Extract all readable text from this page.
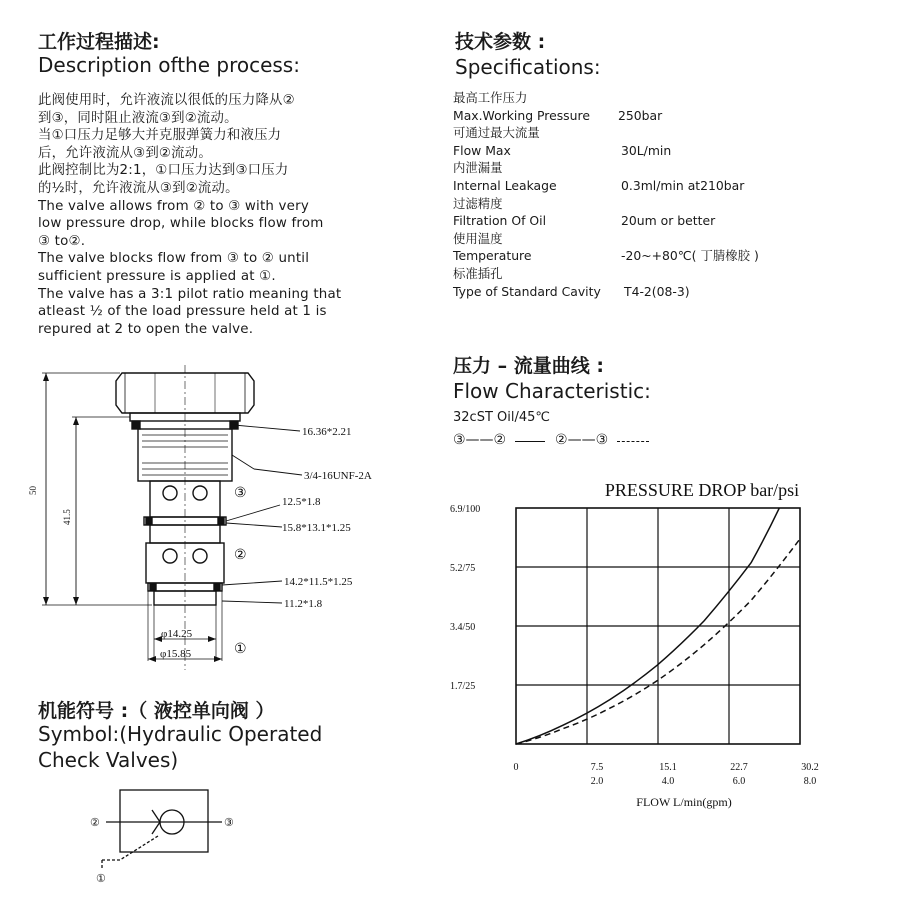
工作过程描述:
Description ofthe process:
此阀使用时，允许液流以很低的压力降从②
到③，同时阻止液流③到②流动。
当①口压力足够大并克服弹簧力和液压力
后，允许液流从③到②流动。
此阀控制比为2:1，①口压力达到③口压力
的½时，允许液流从③到②流动。
The valve allows from ② to ③ with very
low pressure drop, while blocks flow from
③ to②.
The valve blocks flow from ③ to ② until
sufficient pressure is applied at ①.
The valve has a 3:1 pilot ratio meaning that
atleast ½ of the load pressure held at 1 is
repured at 2 to open the valve.
16.36*2.21
3/4-16UNF-2A
12.5*1.8
15.8*13.1*1.25
14.2*11.5*1.25
11.2*1.8
φ14.25
φ15.85
50
41.5
③
②
①
机能符号 :（ 液控单向阀 ）
Symbol:(Hydraulic Operated
Check Valves)
②	③
①
技术参数 :
Specifications:
最高工作压力
Max.Working Pressure 250bar
可通过最大流量
Flow Max	30L/min
内泄漏量
Internal Leakage	0.3ml/min at210bar
过滤精度
Filtration Of Oil	20um or better
使用温度
Temperature	-20~+80℃( 丁腈橡胶 )
标准插孔
Type of Standard Cavity T4-2(08-3)
压力 – 流量曲线 :
Flow Characteristic:
32cST Oil/45℃
③——②	②——③
PRESSURE DROP bar/psi
1.7/25
3.4/50
5.2/75
6.9/100
0	7.5	15.1	22.7	30.2
2.0	4.0	6.0	8.0
FLOW L/min(gpm)
